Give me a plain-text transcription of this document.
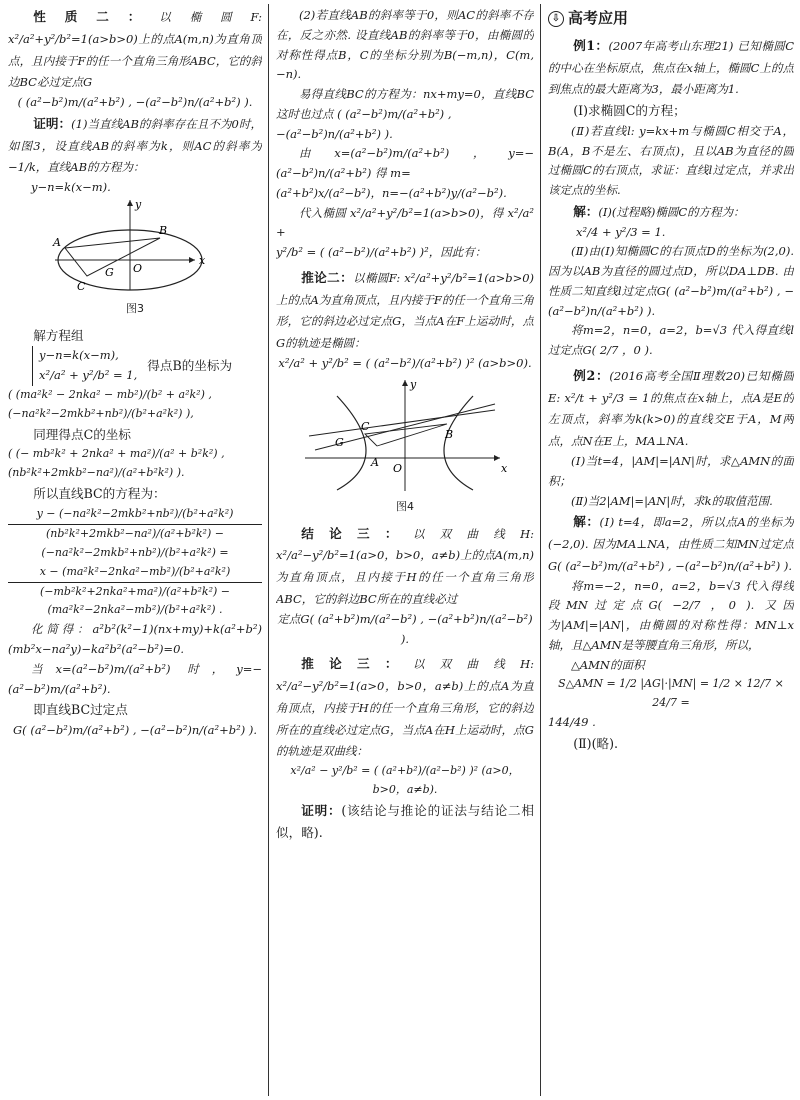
性质二：以椭圆F: x²/a²+y²/b²=1(a>b>0)上的点A(m,n)为直角顶点，且内接于F的任一个直角三角形ABC，它的斜边BC必过定点G

( (a²−b²)m/(a²+b²) , −(a²−b²)n/(a²+b²) ).

证明：(1)当直线AB的斜率存在且不为0时，如图3，设直线AB的斜率为k，则AC的斜率为 −1/k，直线AB的方程为：

y−n=k(x−m).

A
B
C
G O
x
y

图3

解方程组

y−n=k(x−m),
x²/a² + y²/b² = 1,
得点B的坐标为

( (ma²k² − 2nka² − mb²)/(b² + a²k²) ,

(−na²k²−2mkb²+nb²)/(b²+a²k²) ),

同理得点C的坐标

( (− mb²k² + 2nka² + ma²)/(a² + b²k²) ,

(nb²k²+2mkb²−na²)/(a²+b²k²) ).

所以直线BC的方程为：

y − (−na²k²−2mkb²+nb²)/(b²+a²k²)

(nb²k²+2mkb²−na²)/(a²+b²k²) − (−na²k²−2mkb²+nb²)/(b²+a²k²) =

x − (ma²k²−2nka²−mb²)/(b²+a²k²)

(−mb²k²+2nka²+ma²)/(a²+b²k²) − (ma²k²−2nka²−mb²)/(b²+a²k²) .

化简得：a²b²(k²−1)(nx+my)+k(a²+b²)(mb²x−na²y)−ka²b²(a²−b²)=0.

当x=(a²−b²)m/(a²+b²) 时，y=−(a²−b²)m/(a²+b²).

即直线BC过定点

G( (a²−b²)m/(a²+b²) , −(a²−b²)n/(a²+b²) ).

(2)若直线AB的斜率等于0，则AC的斜率不存在，反之亦然. 设直线AB的斜率等于0，由椭圆的对称性得点B，C的坐标分别为B(−m,n)，C(m,−n).

易得直线BC的方程为：nx+my=0，直线BC这时也过点 ( (a²−b²)m/(a²+b²) ,

−(a²−b²)n/(a²+b²) ).

由x=(a²−b²)m/(a²+b²)，y=−(a²−b²)n/(a²+b²) 得 m=

(a²+b²)x/(a²−b²)，n=−(a²+b²)y/(a²−b²).

代入椭圆 x²/a²+y²/b²=1(a>b>0)，得 x²/a² +

y²/b² = ( (a²−b²)/(a²+b²) )²，因此有：

推论二：以椭圆F: x²/a²+y²/b²=1(a>b>0)上的点A为直角顶点，且内接于F的任一个直角三角形，它的斜边必过定点G，当点A在F上运动时，点G的轨迹是椭圆：

x²/a² + y²/b² = ( (a²−b²)/(a²+b²) )² (a>b>0).

A
B
C
G
O	x
y

图4

结论三：以双曲线H: x²/a²−y²/b²=1(a>0，b>0，a≠b)上的点A(m,n)为直角顶点，且内接于H的任一个直角三角形ABC，它的斜边BC所在的直线必过

定点G( (a²+b²)m/(a²−b²) , −(a²+b²)n/(a²−b²) ).

推论三：以双曲线H: x²/a²−y²/b²=1(a>0，b>0，a≠b)上的点A为直角顶点，内接于H的任一个直角三角形，它的斜边所在的直线必过定点G，当点A在H上运动时，点G的轨迹是双曲线：

x²/a² − y²/b² = ( (a²+b²)/(a²−b²) )² (a>0，b>0，a≠b).

证明：(该结论与推论的证法与结论二相似，略).

⇩ 高考应用

例1：(2007年高考山东理21) 已知椭圆C的中心在坐标原点，焦点在x轴上，椭圆C上的点到焦点的最大距离为3，最小距离为1.

(Ⅰ)求椭圆C的方程；

(Ⅱ)若直线l: y=kx+m与椭圆C相交于A，B(A，B不是左、右顶点)，且以AB为直径的圆过椭圆C的右顶点，求证：直线l过定点，并求出该定点的坐标.

解：(Ⅰ)(过程略)椭圆C的方程为：

x²/4 + y²/3 = 1.

(Ⅱ)由(Ⅰ)知椭圆C的右顶点D的坐标为(2,0). 因为以AB为直径的圆过点D，所以DA⊥DB. 由性质二知直线l过定点G( (a²−b²)m/(a²+b²) , −(a²−b²)n/(a²+b²) ).

将m=2，n=0，a=2，b=√3 代入得直线l过定点G( 2/7 ，0 ).

例2：(2016高考全国Ⅱ理数20)已知椭圆E: x²/t + y²/3 = 1的焦点在x轴上，点A是E的左顶点，斜率为k(k>0)的直线交E于A，M两点，点N在E上，MA⊥NA.

(Ⅰ)当t=4，|AM|=|AN|时，求△AMN的面积；

(Ⅱ)当2|AM|=|AN|时，求k的取值范围.

解：(Ⅰ) t=4，即a=2，所以点A的坐标为(−2,0). 因为MA⊥NA，由性质二知MN过定点G( (a²−b²)m/(a²+b²) , −(a²−b²)n/(a²+b²) ).

将m=−2，n=0，a=2，b=√3 代入得线段MN过定点G( −2/7 ，0 ). 又因为|AM|=|AN|，由椭圆的对称性得：MN⊥x轴，且△AMN是等腰直角三角形，所以，

△AMN的面积

S△AMN = 1/2 |AG|·|MN| = 1/2 × 12/7 × 24/7 =

144/49 .

(Ⅱ)(略).
